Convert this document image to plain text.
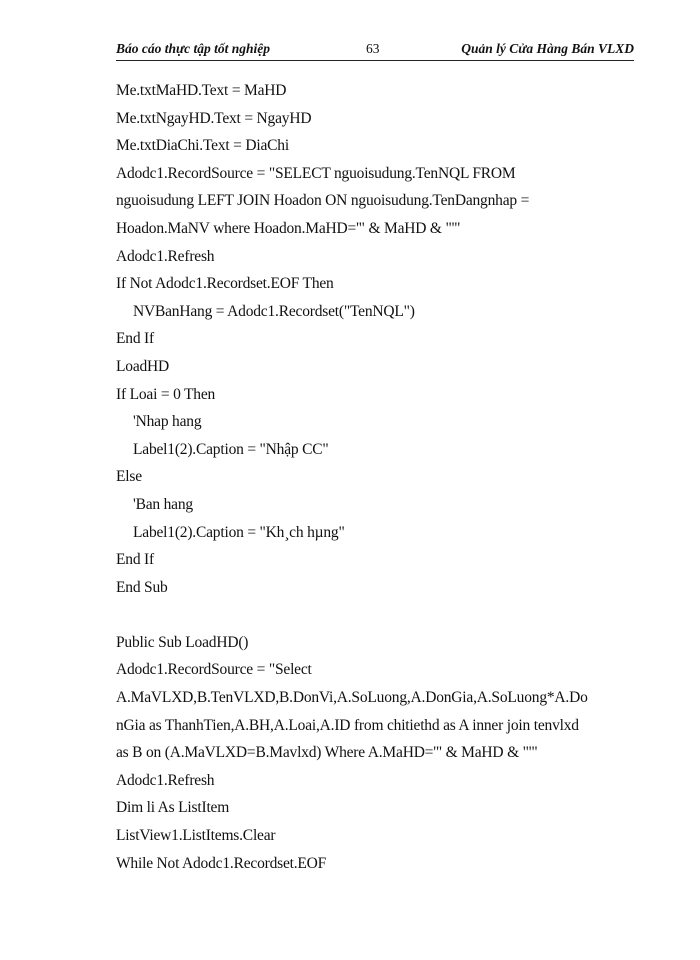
Báo cáo thực tập tốt nghiệp	63	Quản lý Cửa Hàng Bán VLXD
Me.txtMaHD.Text = MaHD
Me.txtNgayHD.Text = NgayHD
Me.txtDiaChi.Text = DiaChi
Adodc1.RecordSource = "SELECT nguoisudung.TenNQL FROM
nguoisudung LEFT JOIN Hoadon ON nguoisudung.TenDangnhap =
Hoadon.MaNV where Hoadon.MaHD='" & MaHD & "'"
Adodc1.Refresh
If Not Adodc1.Recordset.EOF Then
NVBanHang = Adodc1.Recordset("TenNQL")
End If
LoadHD
If Loai = 0 Then
'Nhap hang
Label1(2).Caption = "Nhập CC"
Else
'Ban hang
Label1(2).Caption = "Kh¸ch hµng"
End If
End Sub
Public Sub LoadHD()
Adodc1.RecordSource = "Select
A.MaVLXD,B.TenVLXD,B.DonVi,A.SoLuong,A.DonGia,A.SoLuong*A.Do
nGia as ThanhTien,A.BH,A.Loai,A.ID from chitiethd as A inner join tenvlxd
as B on (A.MaVLXD=B.Mavlxd) Where A.MaHD='" & MaHD & "'"
Adodc1.Refresh
Dim li As ListItem
ListView1.ListItems.Clear
While Not Adodc1.Recordset.EOF
